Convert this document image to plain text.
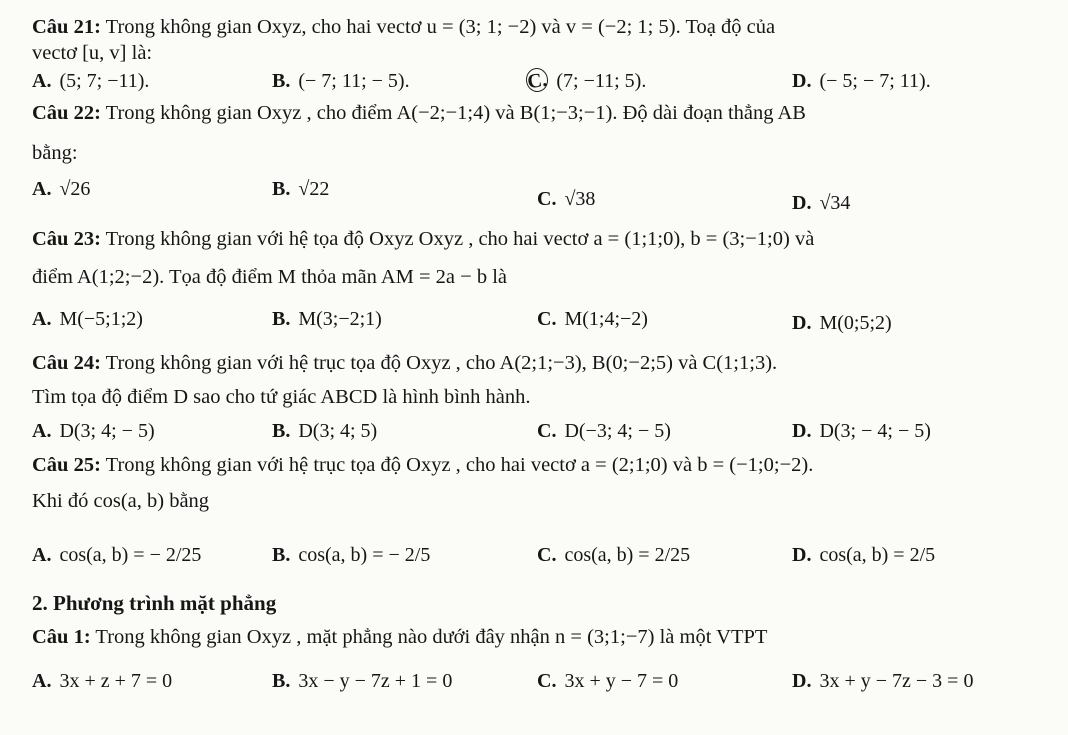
Câu 21: Trong không gian Oxyz, cho hai vectơ u = (3; 1; −2) và v = (−2; 1; 5). Toạ độ của
vectơ [u, v] là:
A. (5; 7; −11).	B. (− 7; 11; − 5).	C. (7; −11; 5).	D. (− 5; − 7; 11).
Câu 22: Trong không gian Oxyz , cho điểm A(−2;−1;4) và B(1;−3;−1). Độ dài đoạn thẳng AB
bằng:
A. √26	B. √22	C. √38	D. √34
Câu 23: Trong không gian với hệ tọa độ Oxyz Oxyz , cho hai vectơ a = (1;1;0), b = (3;−1;0) và
điểm A(1;2;−2). Tọa độ điểm M thỏa mãn AM = 2a − b là
A. M(−5;1;2)	B. M(3;−2;1)	C. M(1;4;−2)	D. M(0;5;2)
Câu 24: Trong không gian với hệ trục tọa độ Oxyz , cho A(2;1;−3), B(0;−2;5) và C(1;1;3).
Tìm tọa độ điểm D sao cho tứ giác ABCD là hình bình hành.
A. D(3; 4; − 5)	B. D(3; 4; 5)	C. D(−3; 4; − 5)	D. D(3; − 4; − 5)
Câu 25: Trong không gian với hệ trục tọa độ Oxyz , cho hai vectơ a = (2;1;0) và b = (−1;0;−2).
Khi đó cos(a, b) bằng
A. cos(a, b) = − 2/25	B. cos(a, b) = − 2/5	C. cos(a, b) = 2/25	D. cos(a, b) = 2/5
2. Phương trình mặt phẳng
Câu 1: Trong không gian Oxyz , mặt phẳng nào dưới đây nhận n = (3;1;−7) là một VTPT
A. 3x + z + 7 = 0	B. 3x − y − 7z + 1 = 0	C. 3x + y − 7 = 0	D. 3x + y − 7z − 3 = 0
